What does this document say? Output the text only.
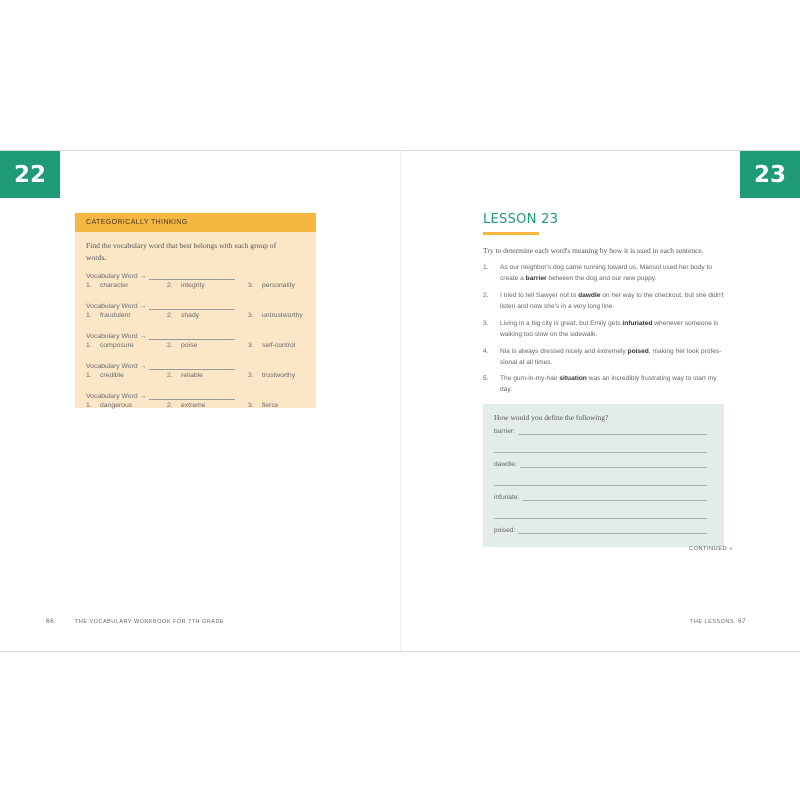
22
CATEGORICALLY THINKING
Find the vocabulary word that best belongs with each group of words.
Vocabulary Word →
1. character	2. integrity	3. personality
Vocabulary Word →
1. fraudulent	2. shady	3. untrustworthy
Vocabulary Word →
1. composure	2. poise	3. self-control
Vocabulary Word →
1. credible	2. reliable	3. trustworthy
Vocabulary Word →
1. dangerous	2. extreme	3. fierce
66	THE VOCABULARY WORKBOOK FOR 7TH GRADE
23
LESSON 23
Try to determine each word's meaning by how it is used in each sentence.
1. As our neighbor's dog came running toward us, Marisol used her body to create a barrier between the dog and our new puppy.
2. I tried to tell Sawyer not to dawdle on her way to the checkout, but she didn't listen and now she's in a very long line.
3. Living in a big city is great, but Emily gets infuriated whenever someone is walking too slow on the sidewalk.
4. Nia is always dressed nicely and extremely poised, making her look profes-sional at all times.
5. The gum-in-my-hair situation was an incredibly frustrating way to start my day.
How would you define the following?
barrier:
dawdle:
infuriate:
poised:
CONTINUED »
THE LESSONS 67
